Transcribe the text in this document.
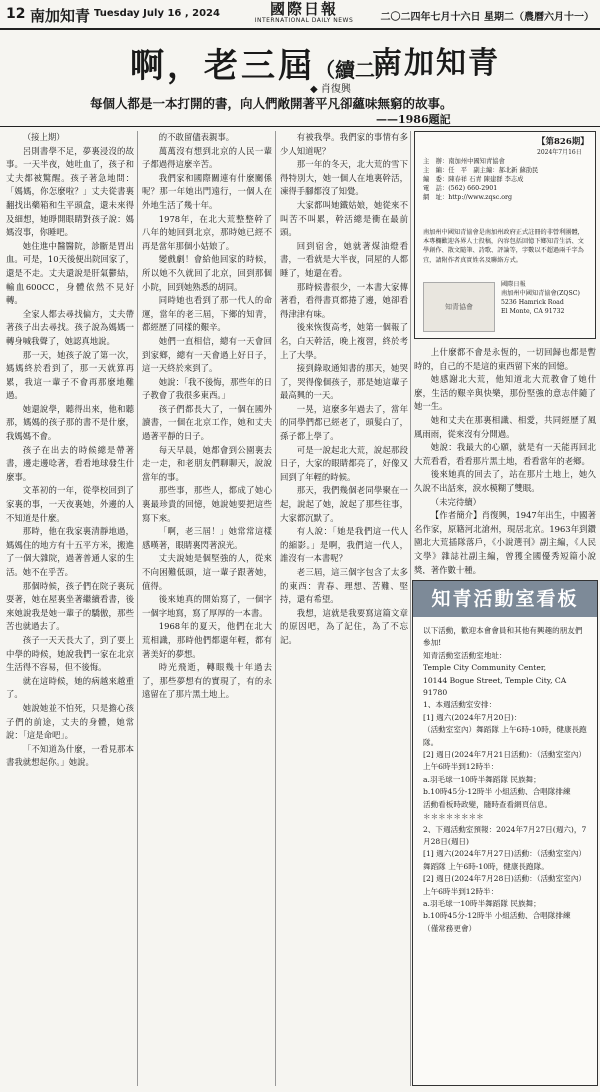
12 南加知青 Tuesday July 16 , 2024	國際日報
INTERNATIONAL DAILY NEWS	二〇二四年七月十六日 星期二（農曆六月十一）
啊，老三屆（續二）
南加知青
◆ 肖復興
每個人都是一本打開的書，向人們敞開著平凡卻蘊味無窮的故事。
——1986題記

（接上期）

呂則書學不足，夢裏浸沒的故事。一天半夜，她吐血了，孩子和丈夫都被驚醒。孩子著急地問：「媽媽，你怎麼啦？」丈夫從書裏翻找出藥箱和生平頭盒，還未來得及細想，她睜開眼睛對孩子說：媽媽沒事，你睡吧。

她住進中醫醫院，診斷是胃出血。可是，10天後便出院回家了，還是不走。丈夫還說是肝氣鬱結，輸血600CC，身體依然不見好轉。

全家人都去尋找偏方，丈夫帶著孩子出去尋找。孩子說為媽媽一轉身喊我聲了，她認真地說。

那一天，她孩子說了第一次，媽媽終於看到了，那一天就算再累，我這一輩子不會再那麼地難過。

她還說學，聽得出來，他和聽那，媽媽的孩子那的書不是什麼，我媽媽不會。

孩子在出去的時候總是帶著書，邊走邊唸著，看看地球發生什麼事。

文革初的一年，從學校回到了家裏的事，一天夜裏她，外邊的人不知道是什麼。

那時，他在我家裏清靜地過，媽媽住的地方有十五平方米，搬進了一個大雜院，過著普通人家的生活。她不在乎苦。

那個時候，孩子們在院子裏玩耍著，她在屋裏坐著繼續看書，後來她說我是她一輩子的驕傲，那些苦也就過去了。

孩子一天天長大了，到了要上中學的時候，她說我們一家在北京生活得不容易，但不後悔。

就在這時候，她的病越來越重了。

她說她並不怕死，只是擔心孩子們的前途，丈夫的身體，她常說：「這是命吧」。

「不知道為什麼，一看見那本書我就想起你。」她說。

的不敢留儘表親事。

萬萬沒有想到北京的人民一輩子都過得這麼辛苦。

我們家和國際關連有什麼關係呢？那一年她出門遠行，一個人在外地生活了幾十年。

1978年，在北大荒整整幹了八年的她回到北京，那時她已經不再是當年那個小姑娘了。

變戲劇！會給他回家的時候，所以她不久就回了北京，回到那個小院，回到她熟悉的胡同。

同時她也看到了那一代人的命運，當年的老三屆，下鄉的知青，都經歷了同樣的艱辛。

她們一直相信，總有一天會回到家鄉，總有一天會過上好日子，這一天終於來到了。

她說：「我不後悔，那些年的日子教會了我很多東西。」

孩子們都長大了，一個在國外讀書，一個在北京工作，她和丈夫過著平靜的日子。

每天早晨，她都會到公園裏去走一走，和老朋友們聊聊天，說說當年的事。

那些事，那些人，都成了她心裏最珍貴的回憶，她說她要把這些寫下來。

「啊，老三屆！」她常常這樣感嘆著，眼睛裏閃著淚光。

丈夫說她是個堅強的人，從來不向困難低頭，這一輩子跟著她，值得。

後來她真的開始寫了，一個字一個字地寫，寫了厚厚的一本書。

1968年的夏天，他們在北大荒相識，那時他們都還年輕，都有著美好的夢想。

時光飛逝，轉眼幾十年過去了，那些夢想有的實現了，有的永遠留在了那片黑土地上。

有被我學。我們家的事情有多少人知道呢？

那一年的冬天，北大荒的雪下得特別大，她一個人在地裏幹活，凍得手腳都沒了知覺。

大家都叫她鐵姑娘，她從來不叫苦不叫累，幹活總是衝在最前頭。

回到宿舍，她就著煤油燈看書，一看就是大半夜，同屋的人都睡了，她還在看。

那時候書很少，一本書大家傳著看，看得書頁都捲了邊，她卻看得津津有味。

後來恢復高考，她第一個報了名，白天幹活，晚上複習，終於考上了大學。

接到錄取通知書的那天，她哭了，哭得像個孩子，那是她這輩子最高興的一天。

一晃，這麼多年過去了，當年的同學們都已經老了，頭髮白了，孫子都上學了。

可是一說起北大荒，說起那段日子，大家的眼睛都亮了，好像又回到了年輕的時候。

那天，我們幾個老同學聚在一起，說起了她，說起了那些往事，大家都沉默了。

有人說：「她是我們這一代人的縮影。」是啊，我們這一代人，誰沒有一本書呢？

老三屆，這三個字包含了太多的東西：青春、理想、苦難、堅持，還有希望。

我想，這就是我要寫這篇文章的原因吧，為了記住，為了不忘記。

【第826期】
2024年7月16日
主　辦：南加州中國知青協會
主　編：任　平　副主編：郝北新 蘇劭民
編　委：陳春祥 石青 陳建群 李志成
電　話：(562) 660-2901
網　址：http://www.zqsc.org
南加州中國知青協會是南加州政府正式註冊的非營利團體，本專欄歡迎各界人士投稿，內容包括回憶下鄉知青生活、文學創作、散文隨筆、詩歌、評論等，字數以不超過兩千字為宜，請附作者真實姓名及聯絡方式。
知青協會
國際日報
南加州中國知青協會(ZQSC)
5236 Hamrick Road
El Monte, CA 91732

上什麼都不會是永恆的，一切回歸也都是暫時的，自己的不是這的東西留下來的回憶。

她感謝北大荒，他知道北大荒教會了她什麼，生活的艱辛與快樂，那份堅強的意志伴隨了她一生。

她和丈夫在那裏相識、相愛，共同經歷了風風雨雨，從來沒有分開過。

她說：我最大的心願，就是有一天能再回北大荒看看，看看那片黑土地，看看當年的老鄉。

後來她真的回去了，站在那片土地上，她久久說不出話來，淚水模糊了雙眼。

（未完待續）

【作者簡介】肖復興，1947年出生，中國著名作家，原籍河北滄州，現居北京。1963年到鑽園北大荒插隊落戶，《小說選刊》副主編，《人民文學》雜誌社副主編，曾獲全國優秀短篇小說獎，著作數十種。

知青活動室看板
以下活動，歡迎本會會員和其他有興趣的朋友們參加!
知青活動室活動室地址：
Temple City Community Center,
10144 Bogue Street, Temple City, CA 91780
1、本週活動室安排：
[1] 週六(2024年7月20日)：
（活動室室內）舞蹈隊 上午6時-10時，健康長跑隊。
[2] 週日(2024年7月21日活動)：（活動室室內）上午6時半到12時半：
a.羽毛球一10時半舞蹈隊 民族舞；
b.10時45分-12時半 小組活動、合唱隊排練
活動看板時政變，隨時查看網頁信息。
＊＊＊＊＊＊＊＊
2、下週活動室預報：2024年7月27日(週六)，7月28日(週日)
[1] 週六(2024年7月27日)活動：（活動室室內）舞蹈隊 上午6時-10時，健康長跑隊。
[2] 週日(2024年7月28日)活動：（活動室室內）上午6時半到12時半：
a.羽毛球一10時半舞蹈隊 民族舞；
b.10時45分-12時半 小組活動、合唱隊排練
（僅常務更會）
